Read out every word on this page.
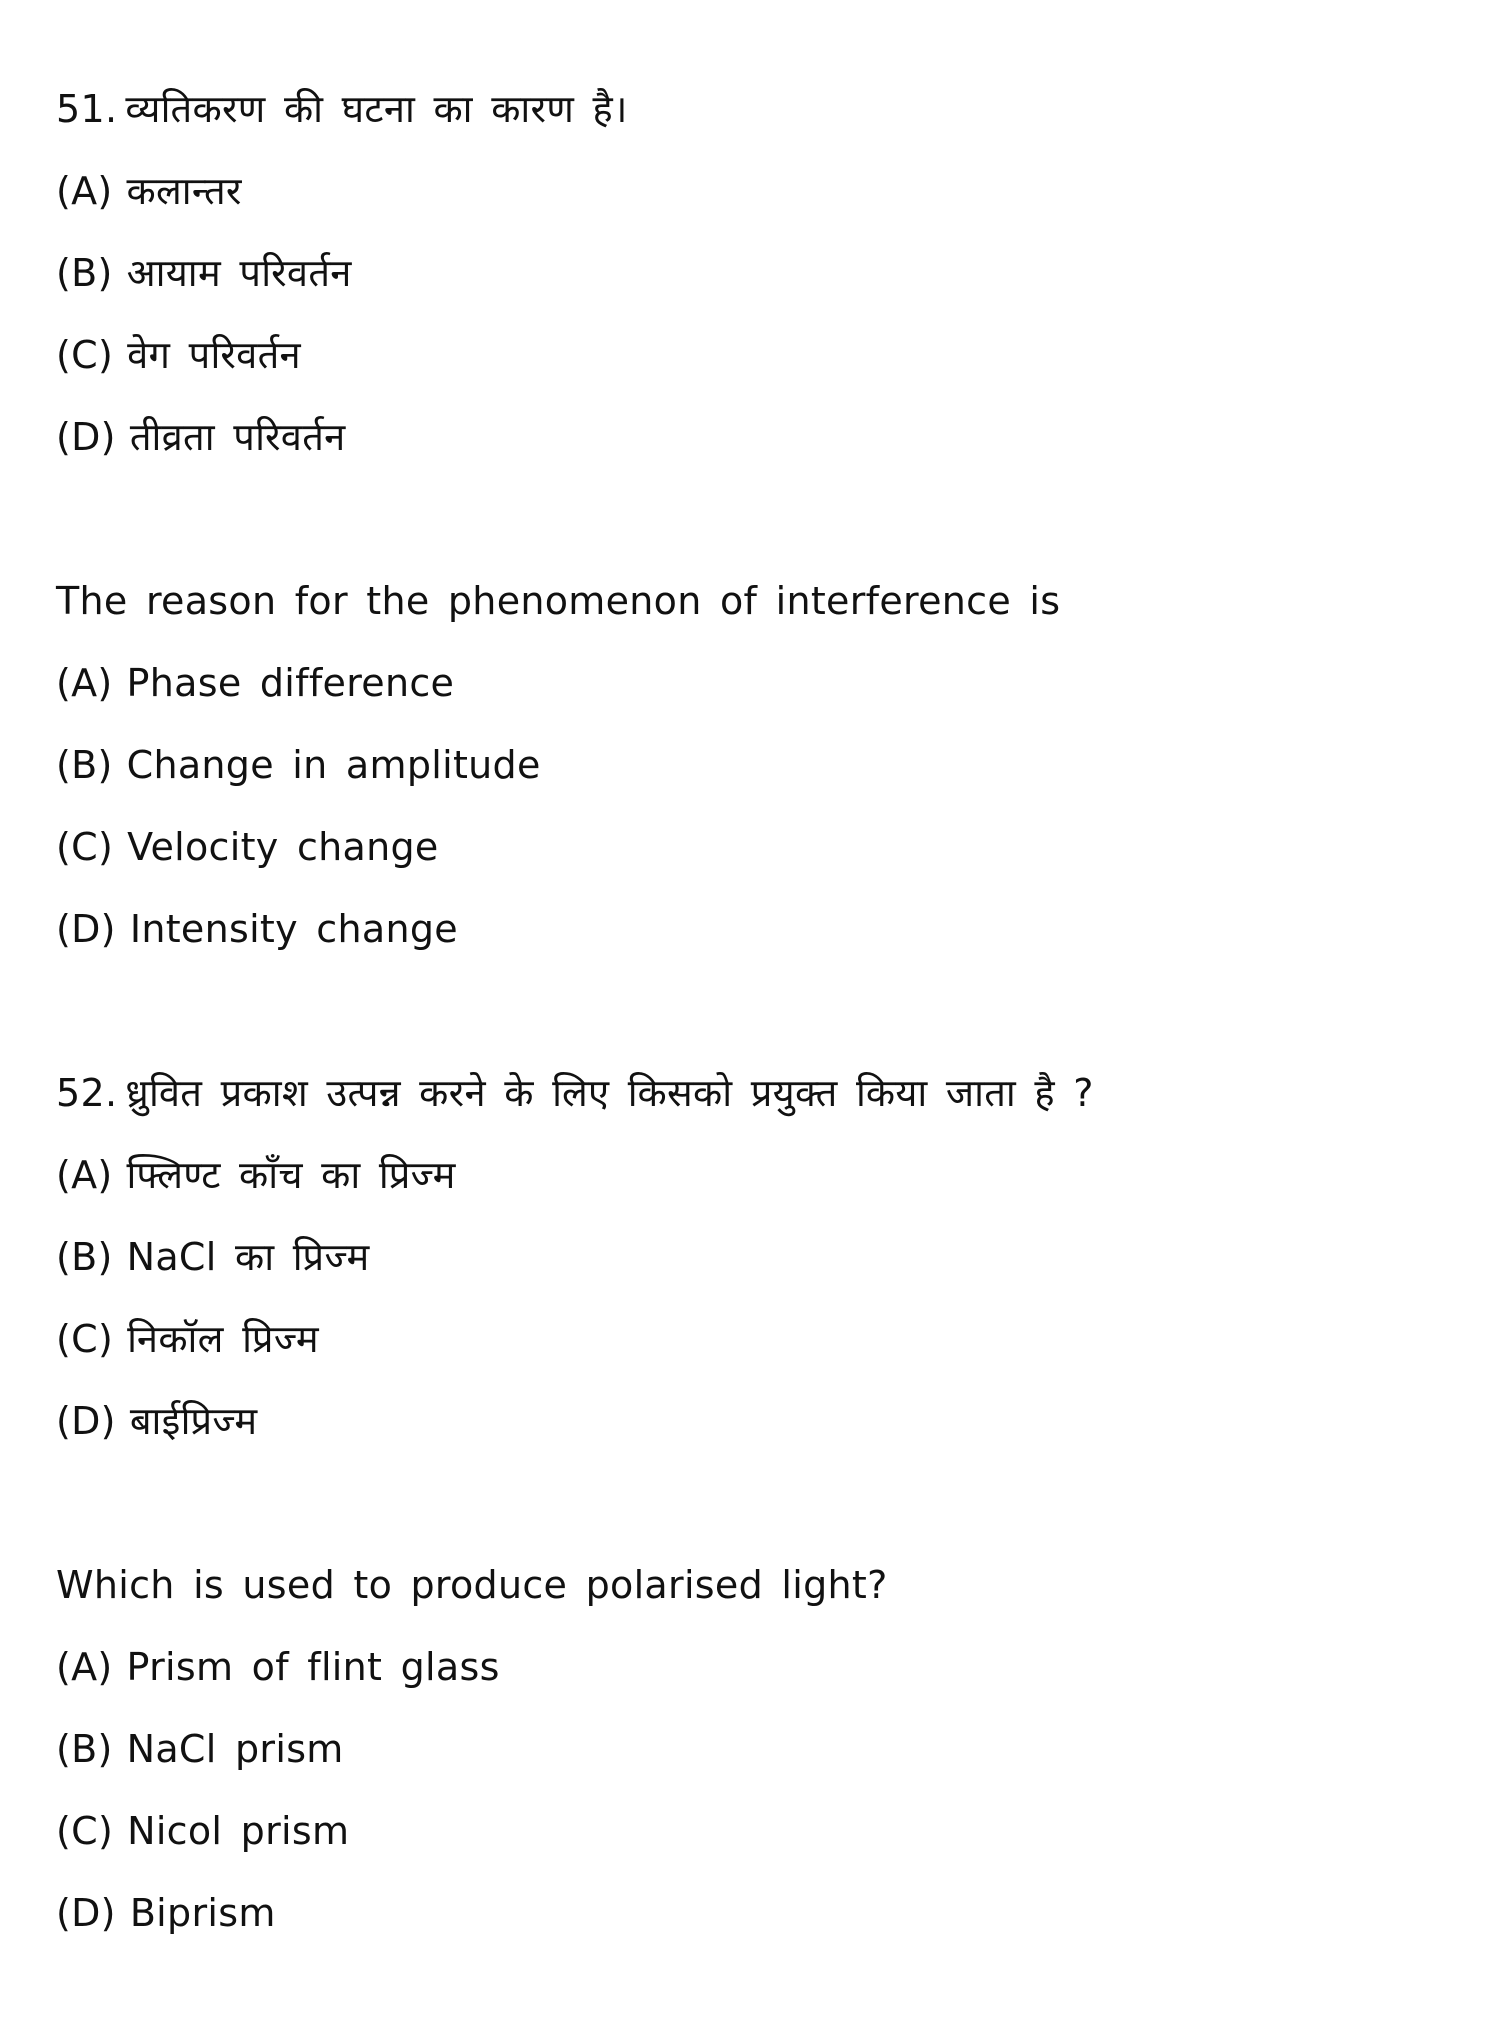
51. व्यतिकरण की घटना का कारण है।
(A) कलान्तर
(B) आयाम परिवर्तन
(C) वेग परिवर्तन
(D) तीव्रता परिवर्तन
The reason for the phenomenon of interference is
(A) Phase difference
(B) Change in amplitude
(C) Velocity change
(D) Intensity change
52. ध्रुवित प्रकाश उत्पन्न करने के लिए किसको प्रयुक्त किया जाता है ?
(A) फ्लिण्ट काँच का प्रिज्म
(B) NaCl का प्रिज्म
(C) निकॉल प्रिज्म
(D) बाईप्रिज्म
Which is used to produce polarised light?
(A) Prism of flint glass
(B) NaCl prism
(C) Nicol prism
(D) Biprism
